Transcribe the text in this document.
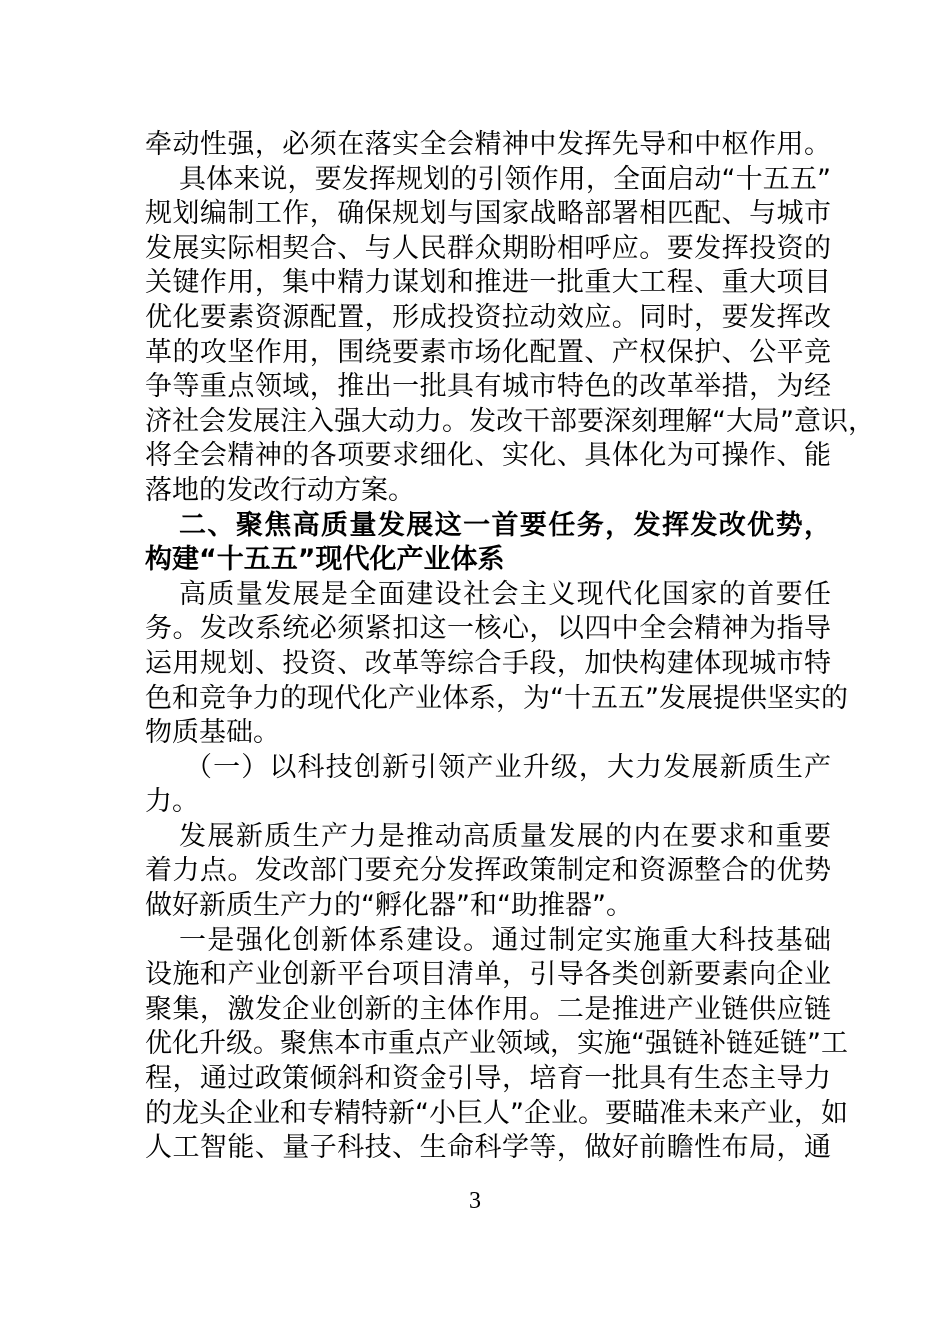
牵动性强，必须在落实全会精神中发挥先导和中枢作用。
具体来说，要发挥规划的引领作用，全面启动“十五五”
规划编制工作，确保规划与国家战略部署相匹配、与城市
发展实际相契合、与人民群众期盼相呼应。要发挥投资的
关键作用，集中精力谋划和推进一批重大工程、重大项目
优化要素资源配置，形成投资拉动效应。同时，要发挥改
革的攻坚作用，围绕要素市场化配置、产权保护、公平竞
争等重点领域，推出一批具有城市特色的改革举措，为经
济社会发展注入强大动力。发改干部要深刻理解“大局”意识，
将全会精神的各项要求细化、实化、具体化为可操作、能
落地的发改行动方案。
二、聚焦高质量发展这一首要任务，发挥发改优势，
构建“十五五”现代化产业体系
高质量发展是全面建设社会主义现代化国家的首要任
务。发改系统必须紧扣这一核心，以四中全会精神为指导
运用规划、投资、改革等综合手段，加快构建体现城市特
色和竞争力的现代化产业体系，为“十五五”发展提供坚实的
物质基础。
（一）以科技创新引领产业升级，大力发展新质生产
力。
发展新质生产力是推动高质量发展的内在要求和重要
着力点。发改部门要充分发挥政策制定和资源整合的优势
做好新质生产力的“孵化器”和“助推器”。
一是强化创新体系建设。通过制定实施重大科技基础
设施和产业创新平台项目清单，引导各类创新要素向企业
聚集，激发企业创新的主体作用。二是推进产业链供应链
优化升级。聚焦本市重点产业领域，实施“强链补链延链”工
程，通过政策倾斜和资金引导，培育一批具有生态主导力
的龙头企业和专精特新“小巨人”企业。要瞄准未来产业，如
人工智能、量子科技、生命科学等，做好前瞻性布局，通
3
